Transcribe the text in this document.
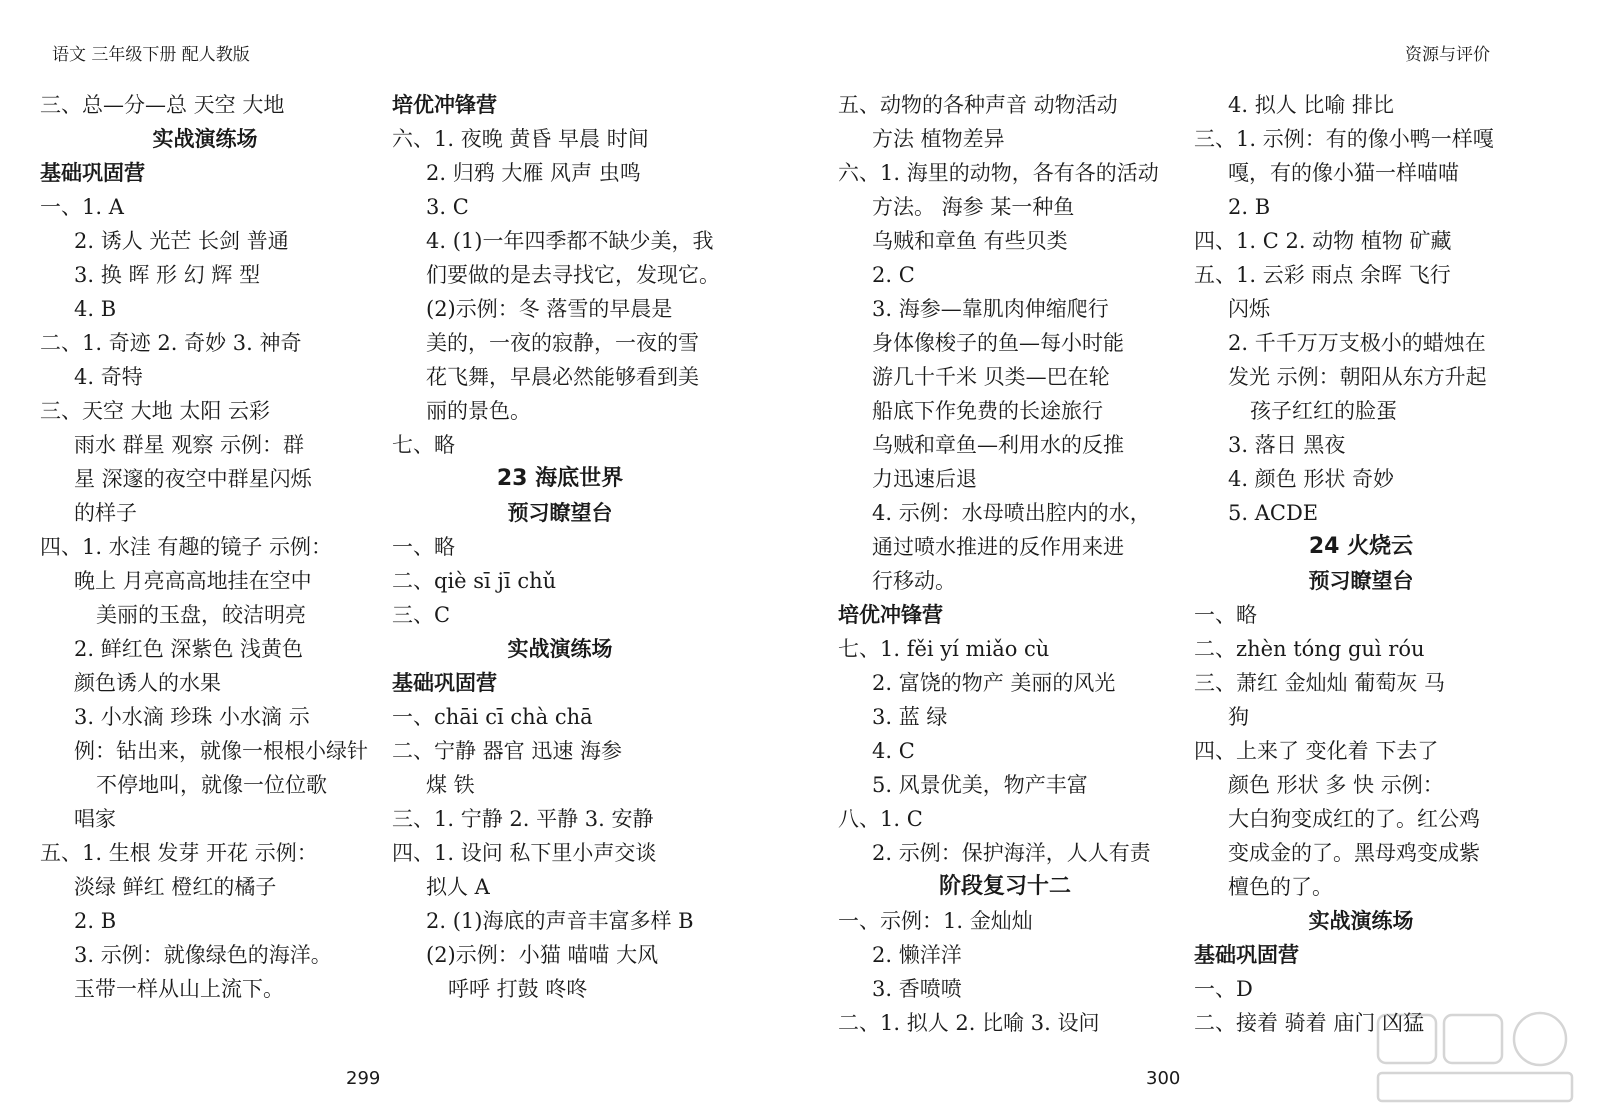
语文 三年级下册 配人教版	资源与评价
三、总—分—总 天空 大地
实战演练场
基础巩固营
一、1. A
2. 诱人 光芒 长剑 普通
3. 换 晖 形 幻 辉 型
4. B
二、1. 奇迹 2. 奇妙 3. 神奇
4. 奇特
三、天空 大地 太阳 云彩
雨水 群星 观察 示例：群
星 深邃的夜空中群星闪烁
的样子
四、1. 水洼 有趣的镜子 示例：
晚上 月亮高高地挂在空中
美丽的玉盘，皎洁明亮
2. 鲜红色 深紫色 浅黄色
颜色诱人的水果
3. 小水滴 珍珠 小水滴 示
例：钻出来，就像一根根小绿针
不停地叫，就像一位位歌
唱家
五、1. 生根 发芽 开花 示例：
淡绿 鲜红 橙红的橘子
2. B
3. 示例：就像绿色的海洋。
玉带一样从山上流下。
培优冲锋营
六、1. 夜晚 黄昏 早晨 时间
2. 归鸦 大雁 风声 虫鸣
3. C
4. (1)一年四季都不缺少美，我
们要做的是去寻找它，发现它。
(2)示例：冬 落雪的早晨是
美的，一夜的寂静，一夜的雪
花飞舞，早晨必然能够看到美
丽的景色。
七、略
23 海底世界
预习瞭望台
一、略
二、qiè sī jī chǔ
三、C
实战演练场
基础巩固营
一、chāi cī chà chā
二、宁静 器官 迅速 海参
煤 铁
三、1. 宁静 2. 平静 3. 安静
四、1. 设问 私下里小声交谈
拟人 A
2. (1)海底的声音丰富多样 B
(2)示例：小猫 喵喵 大风
呼呼 打鼓 咚咚
五、动物的各种声音 动物活动
方法 植物差异
六、1. 海里的动物，各有各的活动
方法。 海参 某一种鱼
乌贼和章鱼 有些贝类
2. C
3. 海参—靠肌肉伸缩爬行
身体像梭子的鱼—每小时能
游几十千米 贝类—巴在轮
船底下作免费的长途旅行
乌贼和章鱼—利用水的反推
力迅速后退
4. 示例：水母喷出腔内的水，
通过喷水推进的反作用来进
行移动。
培优冲锋营
七、1. fěi yí miǎo cù
2. 富饶的物产 美丽的风光
3. 蓝 绿
4. C
5. 风景优美，物产丰富
八、1. C
2. 示例：保护海洋，人人有责
阶段复习十二
一、示例：1. 金灿灿
2. 懒洋洋
3. 香喷喷
二、1. 拟人 2. 比喻 3. 设问
4. 拟人 比喻 排比
三、1. 示例：有的像小鸭一样嘎
嘎，有的像小猫一样喵喵
2. B
四、1. C 2. 动物 植物 矿藏
五、1. 云彩 雨点 余晖 飞行
闪烁
2. 千千万万支极小的蜡烛在
发光 示例：朝阳从东方升起
孩子红红的脸蛋
3. 落日 黑夜
4. 颜色 形状 奇妙
5. ACDE
24 火烧云
预习瞭望台
一、略
二、zhèn tóng guì róu
三、萧红 金灿灿 葡萄灰 马
狗
四、上来了 变化着 下去了
颜色 形状 多 快 示例：
大白狗变成红的了。红公鸡
变成金的了。黑母鸡变成紫
檀色的了。
实战演练场
基础巩固营
一、D
二、接着 骑着 庙门 凶猛
299	300
